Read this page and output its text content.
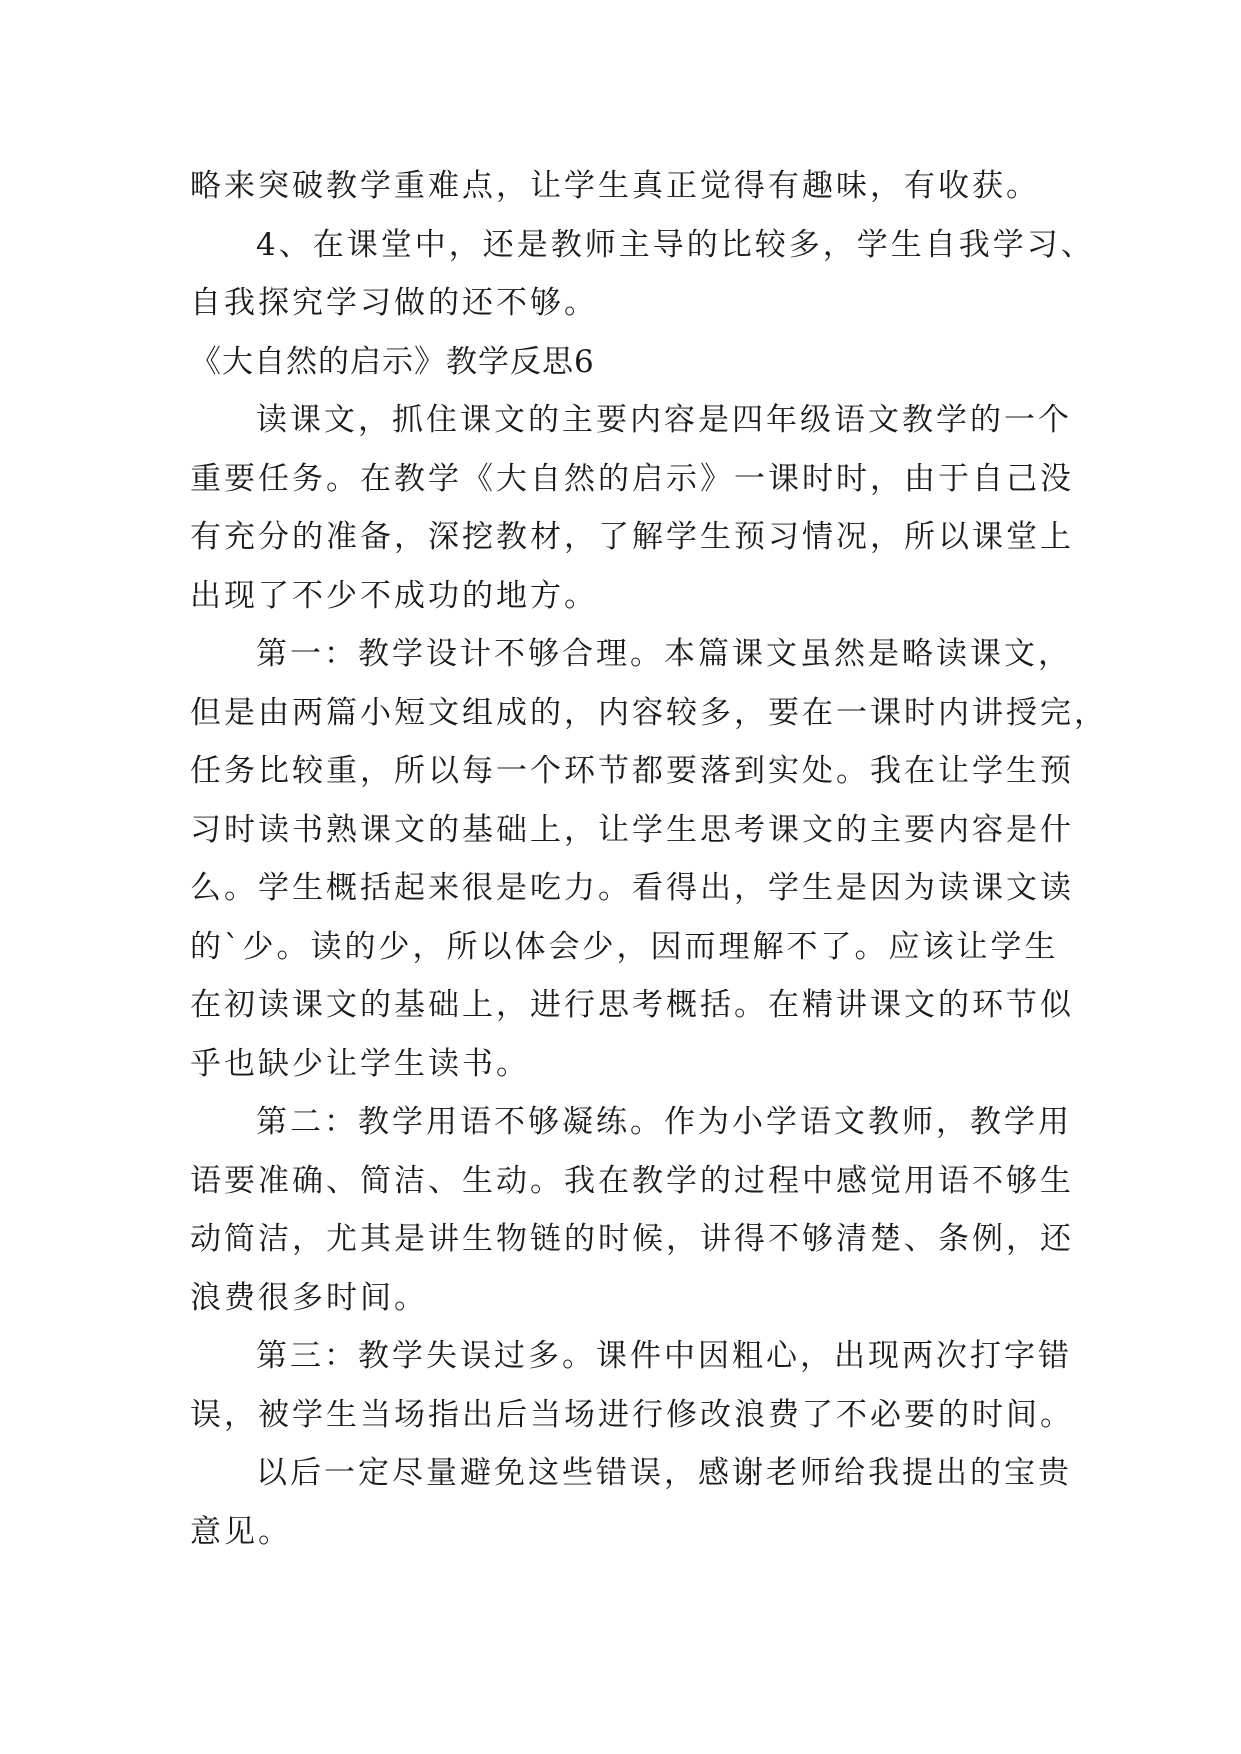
略来突破教学重难点，让学生真正觉得有趣味，有收获。
4、在课堂中，还是教师主导的比较多，学生自我学习、
自我探究学习做的还不够。
《大自然的启示》教学反思6
读课文，抓住课文的主要内容是四年级语文教学的一个
重要任务。在教学《大自然的启示》一课时时，由于自己没
有充分的准备，深挖教材，了解学生预习情况，所以课堂上
出现了不少不成功的地方。
第一：教学设计不够合理。本篇课文虽然是略读课文，
但是由两篇小短文组成的，内容较多，要在一课时内讲授完，
任务比较重，所以每一个环节都要落到实处。我在让学生预
习时读书熟课文的基础上，让学生思考课文的主要内容是什
么。学生概括起来很是吃力。看得出，学生是因为读课文读
的`少。读的少，所以体会少，因而理解不了。应该让学生
在初读课文的基础上，进行思考概括。在精讲课文的环节似
乎也缺少让学生读书。
第二：教学用语不够凝练。作为小学语文教师，教学用
语要准确、简洁、生动。我在教学的过程中感觉用语不够生
动简洁，尤其是讲生物链的时候，讲得不够清楚、条例，还
浪费很多时间。
第三：教学失误过多。课件中因粗心，出现两次打字错
误，被学生当场指出后当场进行修改浪费了不必要的时间。
以后一定尽量避免这些错误，感谢老师给我提出的宝贵
意见。
